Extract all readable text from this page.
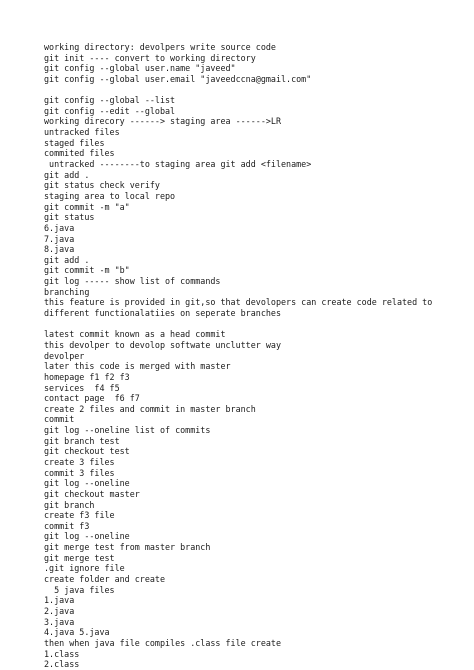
working directory: devolpers write source code
git init ---- convert to working directory
git config --global user.name "javeed"
git config --global user.email "javeedccna@gmail.com"
git config --global --list
git config --edit --global
working direcory ------> staging area ------>LR
untracked files
staged files
commited files
untracked --------to staging area git add <filename>
git add .
git status check verify
staging area to local repo
git commit -m "a"
git status
6.java
7.java
8.java
git add .
git commit -m "b"
git log ----- show list of commands
branching
this feature is provided in git,so that devolopers can create code related to
different functionalatiies on seperate branches
latest commit known as a head commit
this devolper to devolop softwate unclutter way
devolper
later this code is merged with master
homepage f1 f2 f3
services  f4 f5
contact page  f6 f7
create 2 files and commit in master branch
commit
git log --oneline list of commits
git branch test
git checkout test
create 3 files
commit 3 files
git log --oneline
git checkout master
git branch
create f3 file
commit f3
git log --oneline
git merge test from master branch
git merge test
.git ignore file
create folder and create
5 java files
1.java
2.java
3.java
4.java 5.java
then when java file compiles .class file create
1.class
2.class
